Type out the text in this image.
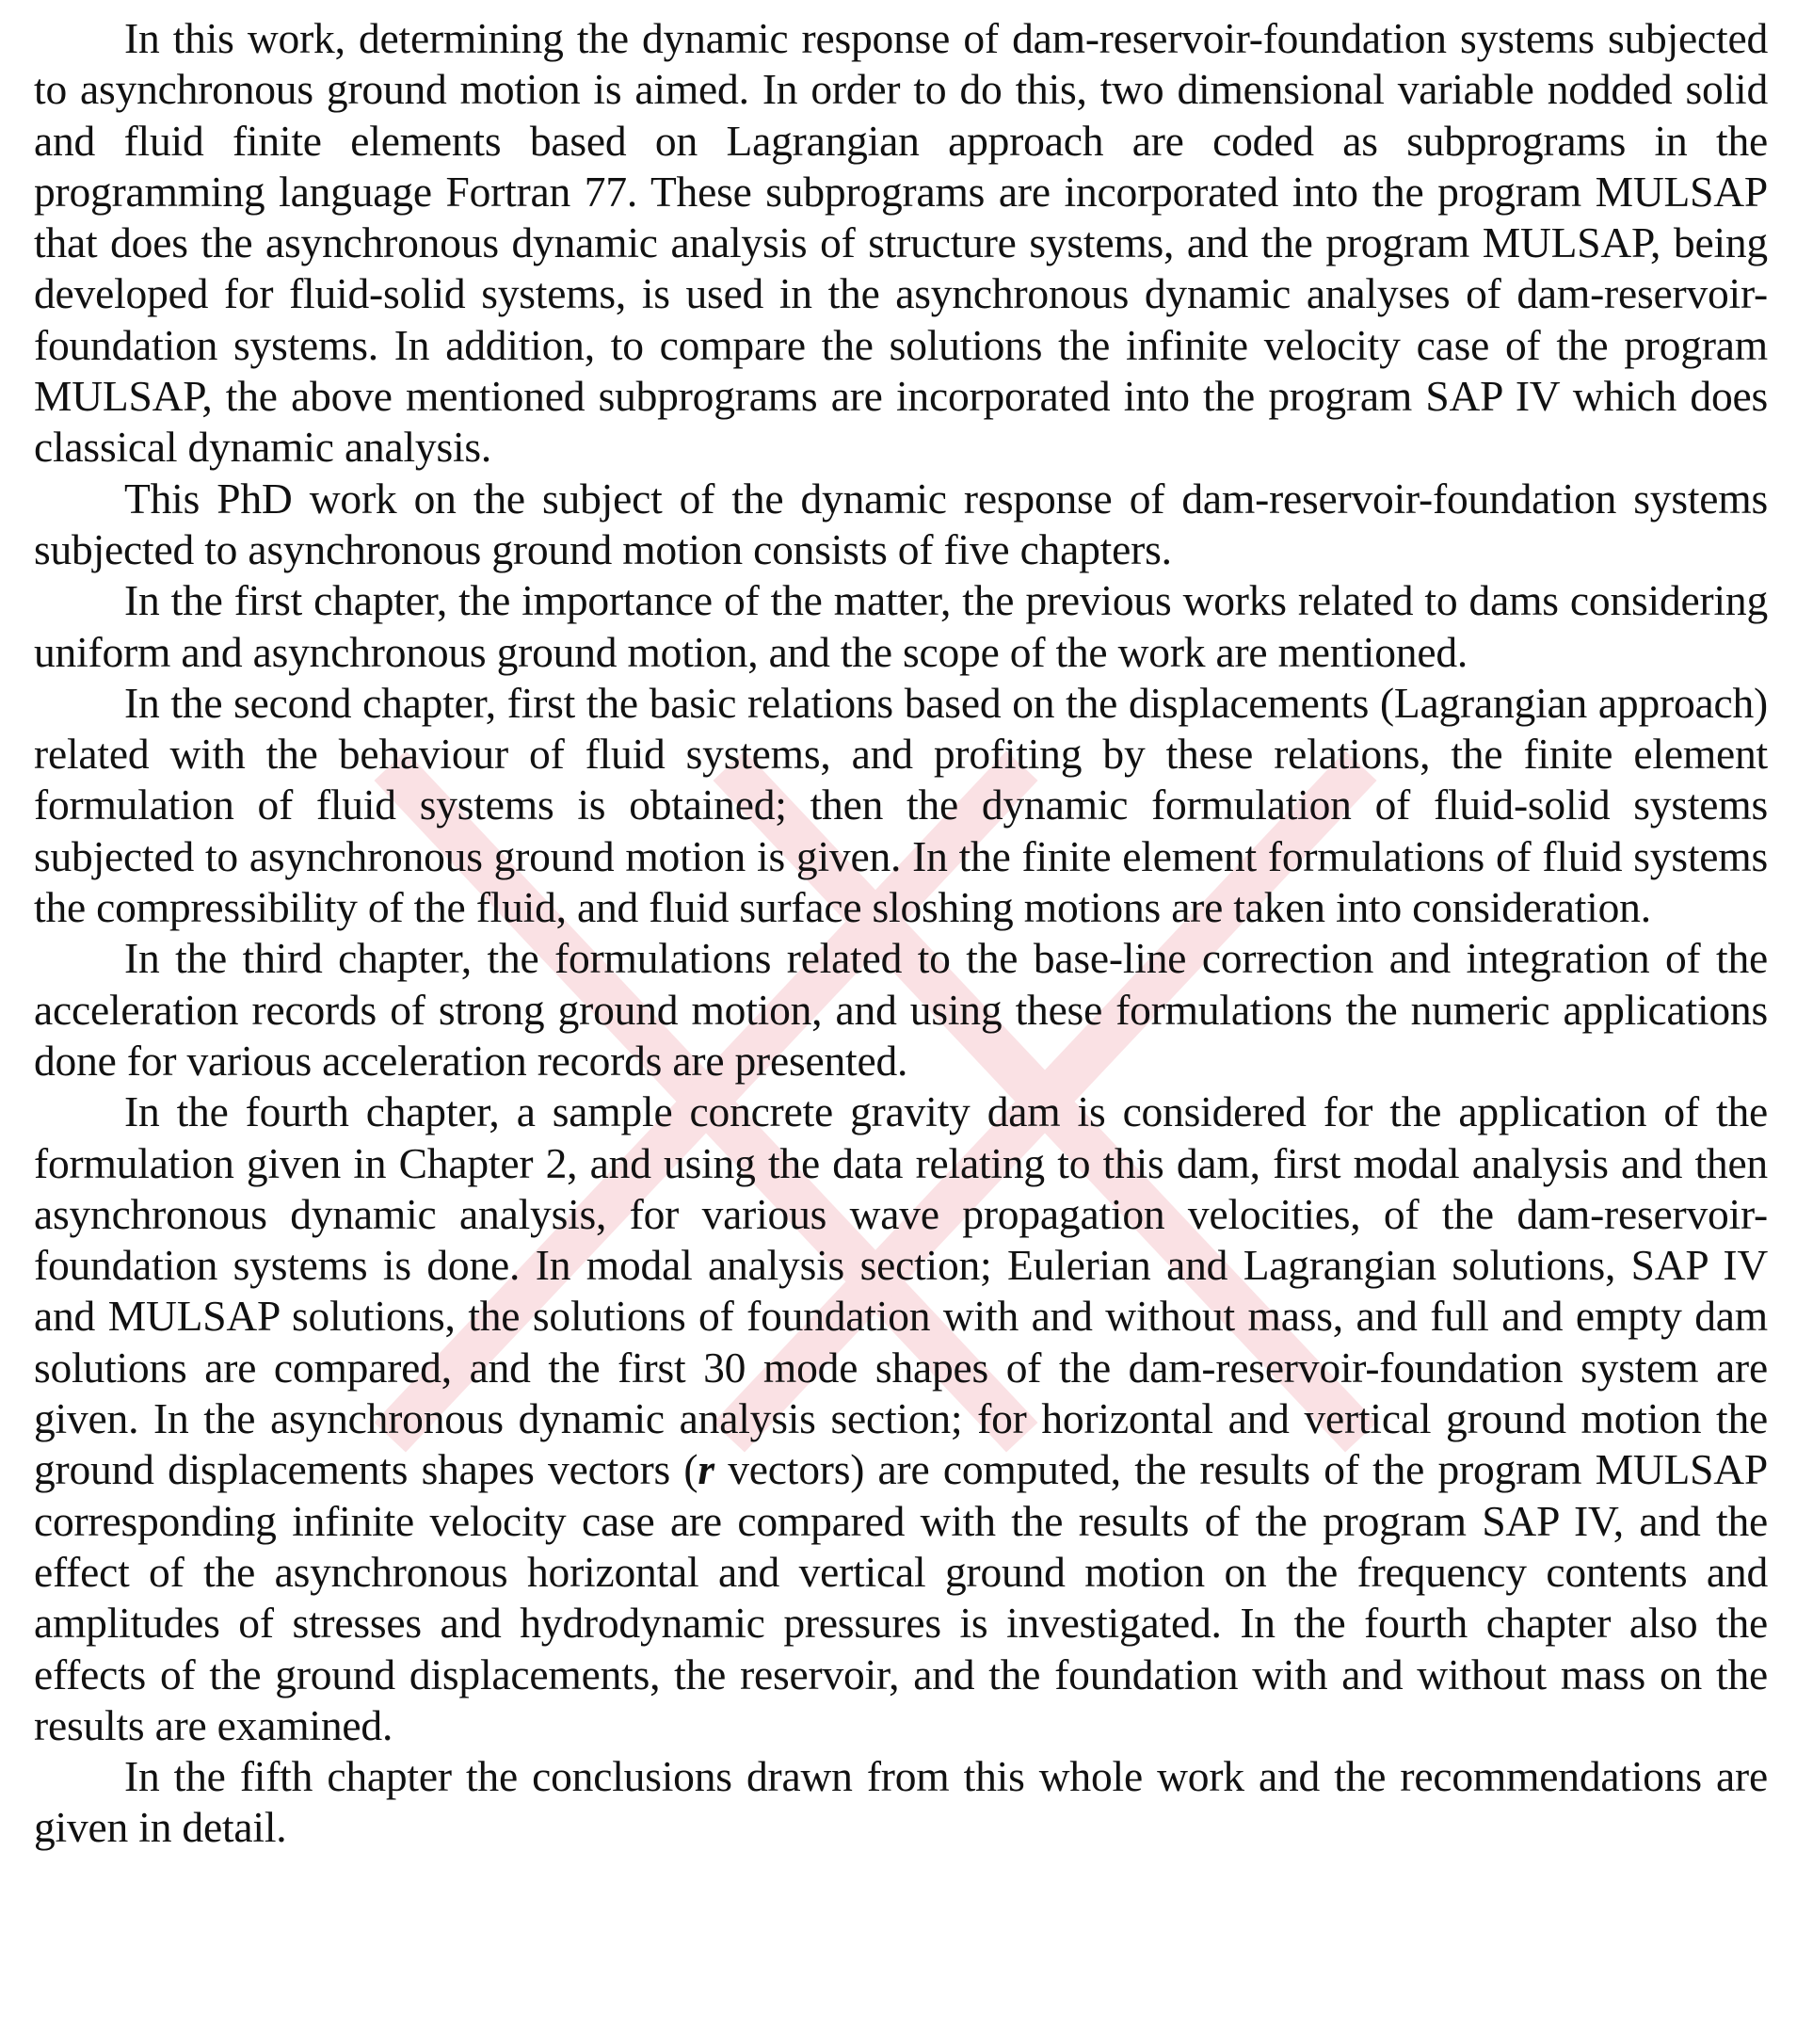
In this work, determining the dynamic response of dam-reservoir-foundation systems subjected to asynchronous ground motion is aimed. In order to do this, two dimensional variable nodded solid and fluid finite elements based on Lagrangian approach are coded as subprograms in the programming language Fortran 77. These subprograms are incorporated into the program MULSAP that does the asynchronous dynamic analysis of structure systems, and the program MULSAP, being developed for fluid-solid systems, is used in the asynchronous dynamic analyses of dam-reservoir-foundation systems. In addition, to compare the solutions the infinite velocity case of the program MULSAP, the above mentioned subprograms are incorporated into the program SAP IV which does classical dynamic analysis.

This PhD work on the subject of the dynamic response of dam-reservoir-foundation systems subjected to asynchronous ground motion consists of five chapters.

In the first chapter, the importance of the matter, the previous works related to dams considering uniform and asynchronous ground motion, and the scope of the work are mentioned.

In the second chapter, first the basic relations based on the displacements (Lagrangian approach) related with the behaviour of fluid systems, and profiting by these relations, the finite element formulation of fluid systems is obtained; then the dynamic formulation of fluid-solid systems subjected to asynchronous ground motion is given. In the finite element formulations of fluid systems the compressibility of the fluid, and fluid surface sloshing motions are taken into consideration.

In the third chapter, the formulations related to the base-line correction and integration of the acceleration records of strong ground motion, and using these formulations the numeric applications done for various acceleration records are presented.

In the fourth chapter, a sample concrete gravity dam is considered for the application of the formulation given in Chapter 2, and using the data relating to this dam, first modal analysis and then asynchronous dynamic analysis, for various wave propagation velocities, of the dam-reservoir-foundation systems is done. In modal analysis section; Eulerian and Lagrangian solutions, SAP IV and MULSAP solutions, the solutions of foundation with and without mass, and full and empty dam solutions are compared, and the first 30 mode shapes of the dam-reservoir-foundation system are given. In the asynchronous dynamic analysis section; for horizontal and vertical ground motion the ground displacements shapes vectors (r vectors) are computed, the results of the program MULSAP corresponding infinite velocity case are compared with the results of the program SAP IV, and the effect of the asynchronous horizontal and vertical ground motion on the frequency contents and amplitudes of stresses and hydrodynamic pressures is investigated. In the fourth chapter also the effects of the ground displacements, the reservoir, and the foundation with and without mass on the results are examined.

In the fifth chapter the conclusions drawn from this whole work and the recommendations are given in detail.
